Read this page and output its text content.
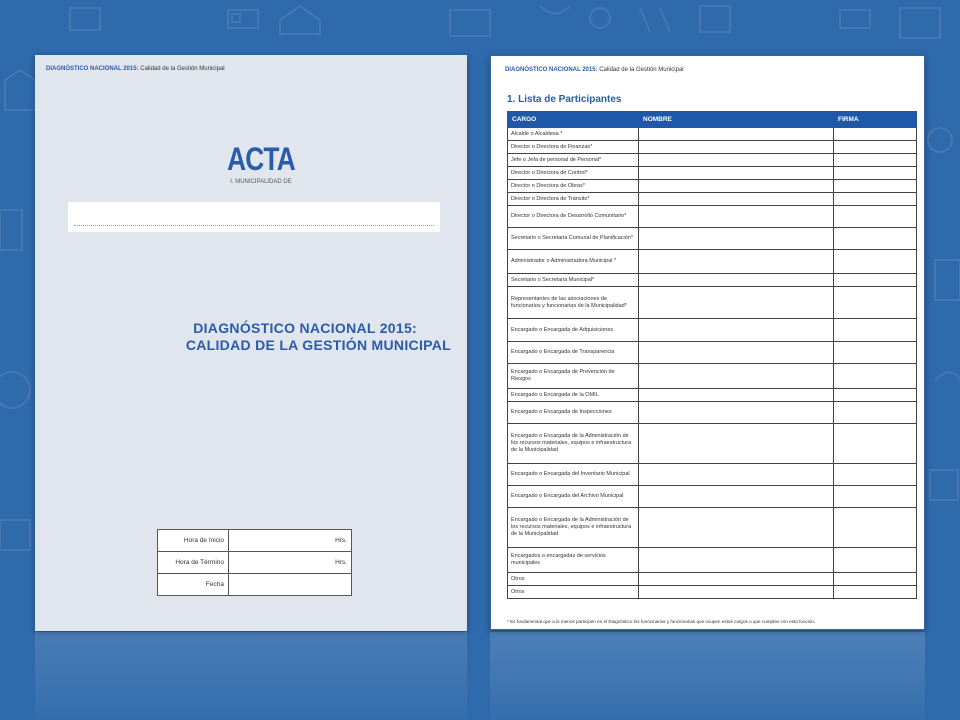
DIAGNÓSTICO NACIONAL 2015: Calidad de la Gestión Municipal
ACTA
I. MUNICIPALIDAD DE
DIAGNÓSTICO NACIONAL 2015:
CALIDAD DE LA GESTIÓN MUNICIPAL
Hora de Inicio	Hrs.
Hora de Término	Hrs.
Fecha	
DIAGNÓSTICO NACIONAL 2015: Calidad de la Gestión Municipal
1. Lista de Participantes
CARGO	NOMBRE	FIRMA
Alcalde o Alcaldesa *		
Director o Directora de Finanzas*		
Jefe o Jefa de personal de Personal*		
Director o Directora de Control*		
Director o Directora de Obras*		
Director o Directora de Tránsito*		
Director o Directora de Desarrollo Comunitario*		
Secretario o Secretaria Comunal de Planificación*		
Administrador o Administradora Municipal *		
Secretario o Secretaria Municipal*		
Representantes de las asociaciones de funcionarios y funcionarias de la Municipalidad*		
Encargado o Encargada de Adquisiciones		
Encargado o Encargada de Transparencia		
Encargado o Encargada de Prevención de Riesgos		
Encargado o Encargada de la OMIL		
Encargado o Encargada de Inspecciones		
Encargado o Encargada de la Administración de los recursos materiales, equipos e infraestructura de la Municipalidad		
Encargado o Encargada del Inventario Municipal		
Encargado o Encargada del Archivo Municipal		
Encargado o Encargada de la Administración de los recursos materiales, equipos e infraestructura de la Municipalidad		
Encargados o encargadas de servicios municipales		
Otros		
Otros		
* Es fundamental que a lo menos participen en el Diagnóstico los funcionarios y funcionarias que ocupen estos cargos o que cumplan con esta función.
